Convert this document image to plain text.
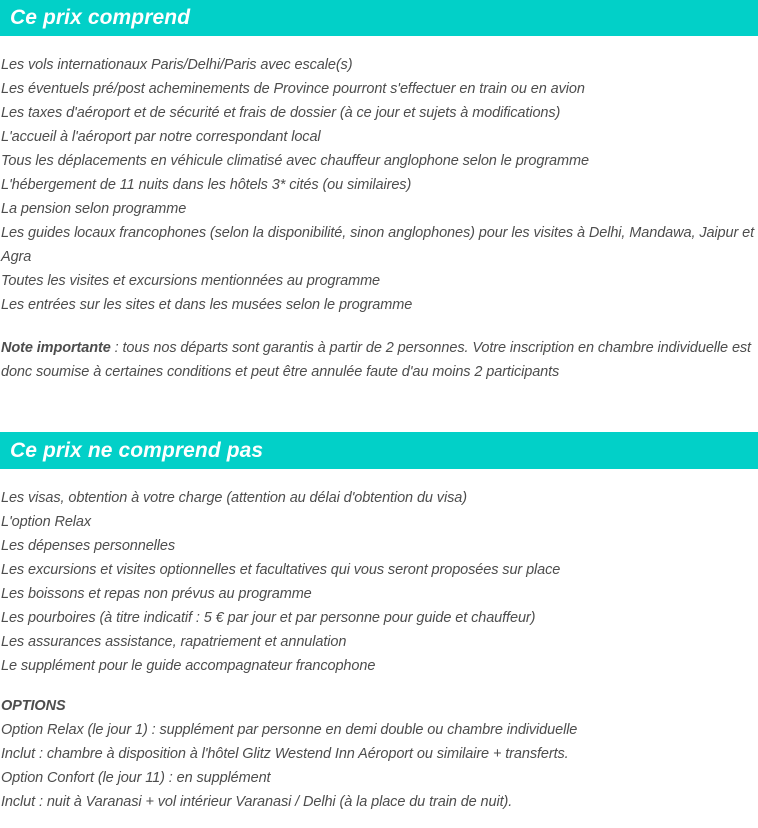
Ce prix comprend
Les vols internationaux Paris/Delhi/Paris avec escale(s)
Les éventuels pré/post acheminements de Province pourront s'effectuer en train ou en avion
Les taxes d'aéroport et de sécurité et frais de dossier (à ce jour et sujets à modifications)
L'accueil à l'aéroport par notre correspondant local
Tous les déplacements en véhicule climatisé avec chauffeur anglophone selon le programme
L'hébergement de 11 nuits dans les hôtels 3* cités (ou similaires)
La pension selon programme
Les guides locaux francophones (selon la disponibilité, sinon anglophones) pour les visites à Delhi, Mandawa, Jaipur et Agra
Toutes les visites et excursions mentionnées au programme
Les entrées sur les sites et dans les musées selon le programme
Note importante : tous nos départs sont garantis à partir de 2 personnes. Votre inscription en chambre individuelle est donc soumise à certaines conditions et peut être annulée faute d'au moins 2 participants
Ce prix ne comprend pas
Les visas, obtention à votre charge (attention au délai d'obtention du visa)
L'option Relax
Les dépenses personnelles
Les excursions et visites optionnelles et facultatives qui vous seront proposées sur place
Les boissons et repas non prévus au programme
Les pourboires (à titre indicatif : 5 € par jour et par personne pour guide et chauffeur)
Les assurances assistance, rapatriement et annulation
Le supplément pour le guide accompagnateur francophone
OPTIONS
Option Relax (le jour 1) : supplément par personne en demi double ou chambre individuelle
Inclut : chambre à disposition à l'hôtel Glitz Westend Inn Aéroport ou similaire + transferts.
Option Confort (le jour 11) : en supplément
Inclut : nuit à Varanasi + vol intérieur Varanasi / Delhi (à la place du train de nuit).
